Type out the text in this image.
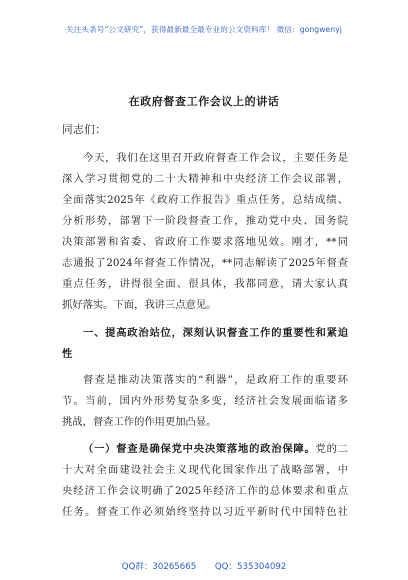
关注头条号“公文研究”，获得最新最全最专业的公文资料库！ 微信：gongwenyj
在政府督查工作会议上的讲话
同志们：
今天，我们在这里召开政府督查工作会议，主要任务是
深入学习贯彻党的二十大精神和中央经济工作会议部署，
全面落实2025年《政府工作报告》重点任务，总结成绩、
分析形势，部署下一阶段督查工作，推动党中央、国务院
决策部署和省委、省政府工作要求落地见效。刚才，**同
志通报了2024年督查工作情况，**同志解读了2025年督查
重点任务，讲得很全面、很具体，我都同意，请大家认真
抓好落实。下面，我讲三点意见。
一、提高政治站位，深刻认识督查工作的重要性和紧迫
性
督查是推动决策落实的“利器”，是政府工作的重要环
节。当前，国内外形势复杂多变，经济社会发展面临诸多
挑战，督查工作的作用更加凸显。
（一）督查是确保党中央决策落地的政治保障。党的二
十大对全面建设社会主义现代化国家作出了战略部署，中
央经济工作会议明确了2025年经济工作的总体要求和重点
任务。督查工作必须始终坚持以习近平新时代中国特色社
QQ群：30265665 QQ：535304092
